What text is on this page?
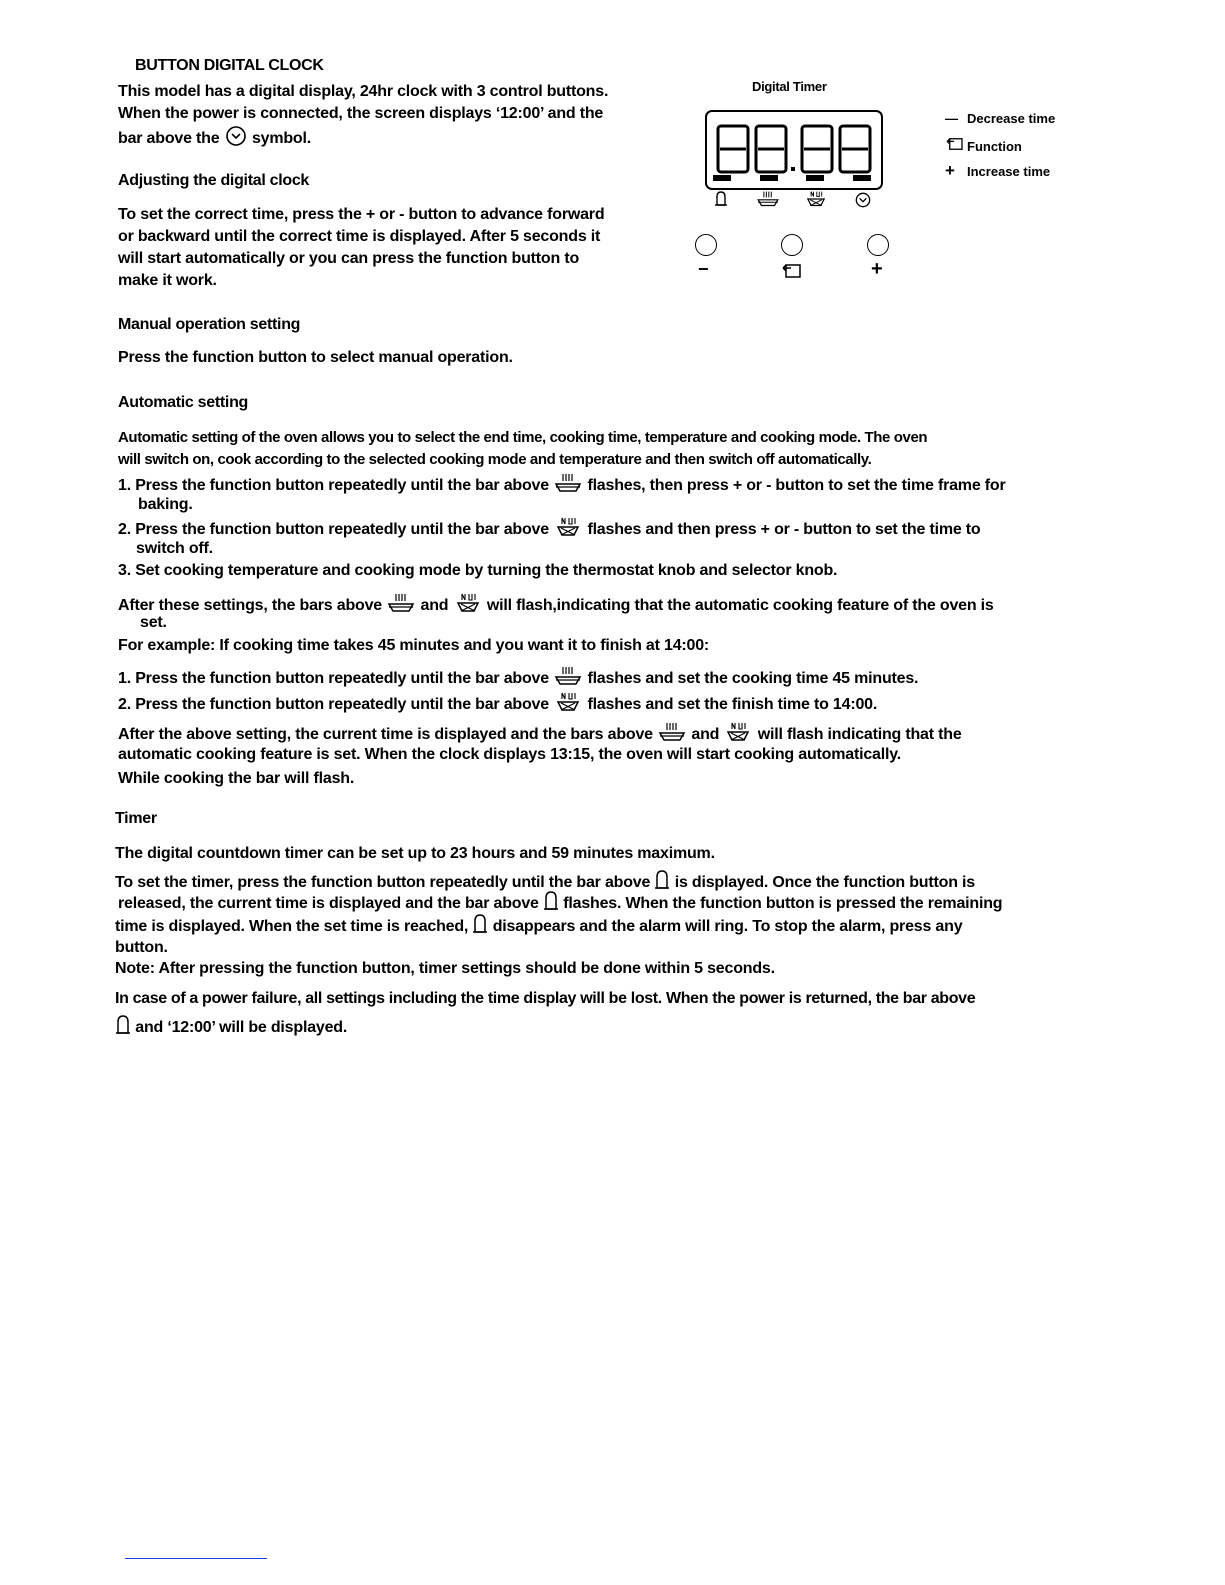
BUTTON DIGITAL CLOCK
This model has a digital display, 24hr clock with 3 control buttons.
When the power is connected, the screen displays ‘12:00’ and the
bar above the symbol.
Adjusting the digital clock
To set the correct time, press the + or - button to advance forward
or backward until the correct time is displayed. After 5 seconds it
will start automatically or you can press the function button to
make it work.
Manual operation setting
Press the function button to select manual operation.
Automatic setting
Automatic setting of the oven allows you to select the end time, cooking time, temperature and cooking mode. The oven
will switch on, cook according to the selected cooking mode and temperature and then switch off automatically.
1. Press the function button repeatedly until the bar above flashes, then press + or - button to set the time frame for
baking.
2. Press the function button repeatedly until the bar above flashes and then press + or - button to set the time to
switch off.
3. Set cooking temperature and cooking mode by turning the thermostat knob and selector knob.
After these settings, the bars above and will flash,indicating that the automatic cooking feature of the oven is
set.
For example: If cooking time takes 45 minutes and you want it to finish at 14:00:
1. Press the function button repeatedly until the bar above flashes and set the cooking time 45 minutes.
2. Press the function button repeatedly until the bar above flashes and set the finish time to 14:00.
After the above setting, the current time is displayed and the bars above and will flash indicating that the
automatic cooking feature is set. When the clock displays 13:15, the oven will start cooking automatically.
While cooking the bar will flash.
Timer
The digital countdown timer can be set up to 23 hours and 59 minutes maximum.
To set the timer, press the function button repeatedly until the bar above is displayed. Once the function button is
released, the current time is displayed and the bar above flashes. When the function button is pressed the remaining
time is displayed. When the set time is reached, disappears and the alarm will ring. To stop the alarm, press any
button.
Note: After pressing the function button, timer settings should be done within 5 seconds.
In case of a power failure, all settings including the time display will be lost. When the power is returned, the bar above
and ‘12:00’ will be displayed.
Digital Timer
−	+
— Decrease time
Function
+ Increase time
